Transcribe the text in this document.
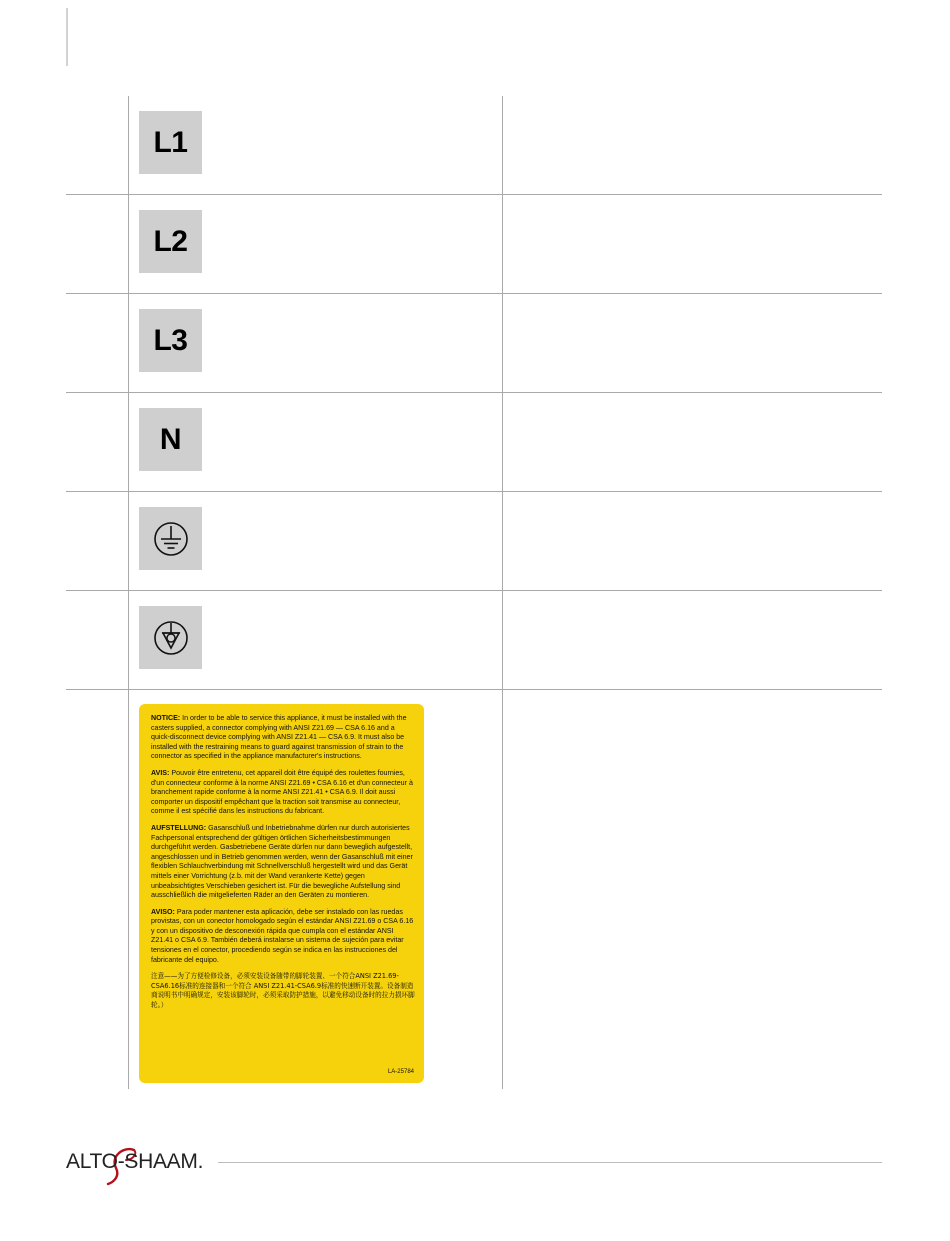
L1
L2
L3
N

NOTICE: In order to be able to service this appliance, it must be installed with the casters supplied, a connector complying with ANSI Z21.69 — CSA 6.16 and a quick-disconnect device complying with ANSI Z21.41 — CSA 6.9. It must also be installed with the restraining means to guard against transmission of strain to the connector as specified in the appliance manufacturer's instructions.

AVIS: Pouvoir être entretenu, cet appareil doit être équipé des roulettes fournies, d'un connecteur conforme à la norme ANSI Z21.69 • CSA 6.16 et d'un connecteur à branchement rapide conforme à la norme ANSI Z21.41 • CSA 6.9. Il doit aussi comporter un dispositif empêchant que la traction soit transmise au connecteur, comme il est spécifié dans les instructions du fabricant.

AUFSTELLUNG: Gasanschluß und Inbetriebnahme dürfen nur durch autorisiertes Fachpersonal entsprechend der gültigen örtlichen Sicherheitsbestimmungen durchgeführt werden. Gasbetriebene Geräte dürfen nur dann beweglich aufgestellt, angeschlossen und in Betrieb genommen werden, wenn der Gasanschluß mit einer flexiblen Schlauchverbindung mit Schnellverschluß hergestellt wird und das Gerät mittels einer Vorrichtung (z.b. mit der Wand verankerte Kette) gegen unbeabsichtigtes Verschieben gesichert ist. Für die bewegliche Aufstellung sind ausschließlich die mitgelieferten Räder an den Geräten zu montieren.

AVISO: Para poder mantener esta aplicación, debe ser instalado con las ruedas provistas, con un conector homologado según el estándar ANSI Z21.69 o CSA 6.16 y con un dispositivo de desconexión rápida que cumpla con el estándar ANSI Z21.41 o CSA 6.9. También deberá instalarse un sistema de sujeción para evitar tensiones en el conector, procediendo según se indica en las instrucciones del fabricante del equipo.

注意——为了方便检修设备，必须安装设备随带的脚轮装置、一个符合ANSI Z21.69-CSA6.16标准的连接器和一个符合 ANSI Z21.41-CSA6.9标准的快速断开装置。设备制造商说明书中明确规定，安装该脚轮时，必须采取防护措施，以避免移动设备时的拉力损坏脚轮。）

LA-25784
ALTO-SHAAM.
